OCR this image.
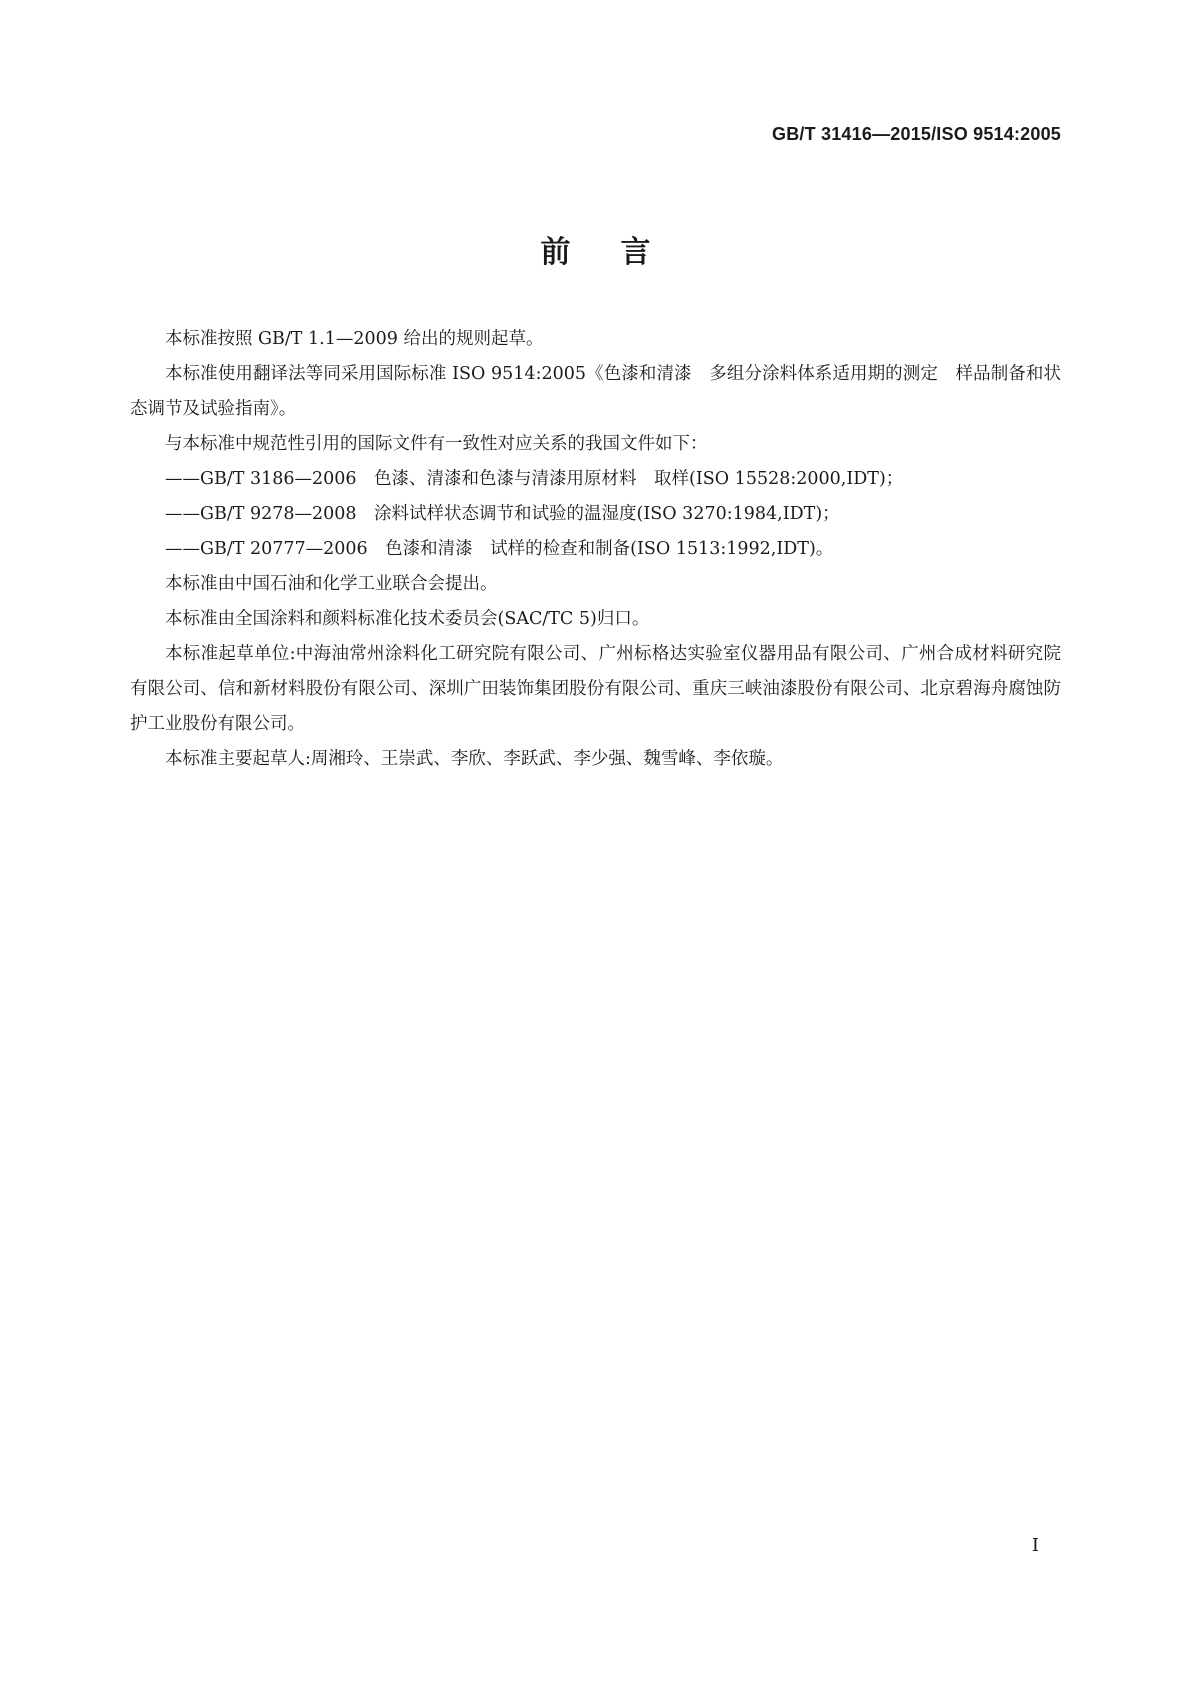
GB/T 31416—2015/ISO 9514:2005
前言

本标准按照 GB/T 1.1—2009 给出的规则起草。

本标准使用翻译法等同采用国际标准 ISO 9514:2005《色漆和清漆　多组分涂料体系适用期的测定　样品制备和状态调节及试验指南》。

与本标准中规范性引用的国际文件有一致性对应关系的我国文件如下：

——GB/T 3186—2006　色漆、清漆和色漆与清漆用原材料　取样(ISO 15528:2000,IDT)；

——GB/T 9278—2008　涂料试样状态调节和试验的温湿度(ISO 3270:1984,IDT)；

——GB/T 20777—2006　色漆和清漆　试样的检查和制备(ISO 1513:1992,IDT)。

本标准由中国石油和化学工业联合会提出。

本标准由全国涂料和颜料标准化技术委员会(SAC/TC 5)归口。

本标准起草单位:中海油常州涂料化工研究院有限公司、广州标格达实验室仪器用品有限公司、广州合成材料研究院有限公司、信和新材料股份有限公司、深圳广田装饰集团股份有限公司、重庆三峡油漆股份有限公司、北京碧海舟腐蚀防护工业股份有限公司。

本标准主要起草人:周湘玲、王崇武、李欣、李跃武、李少强、魏雪峰、李依璇。

I
